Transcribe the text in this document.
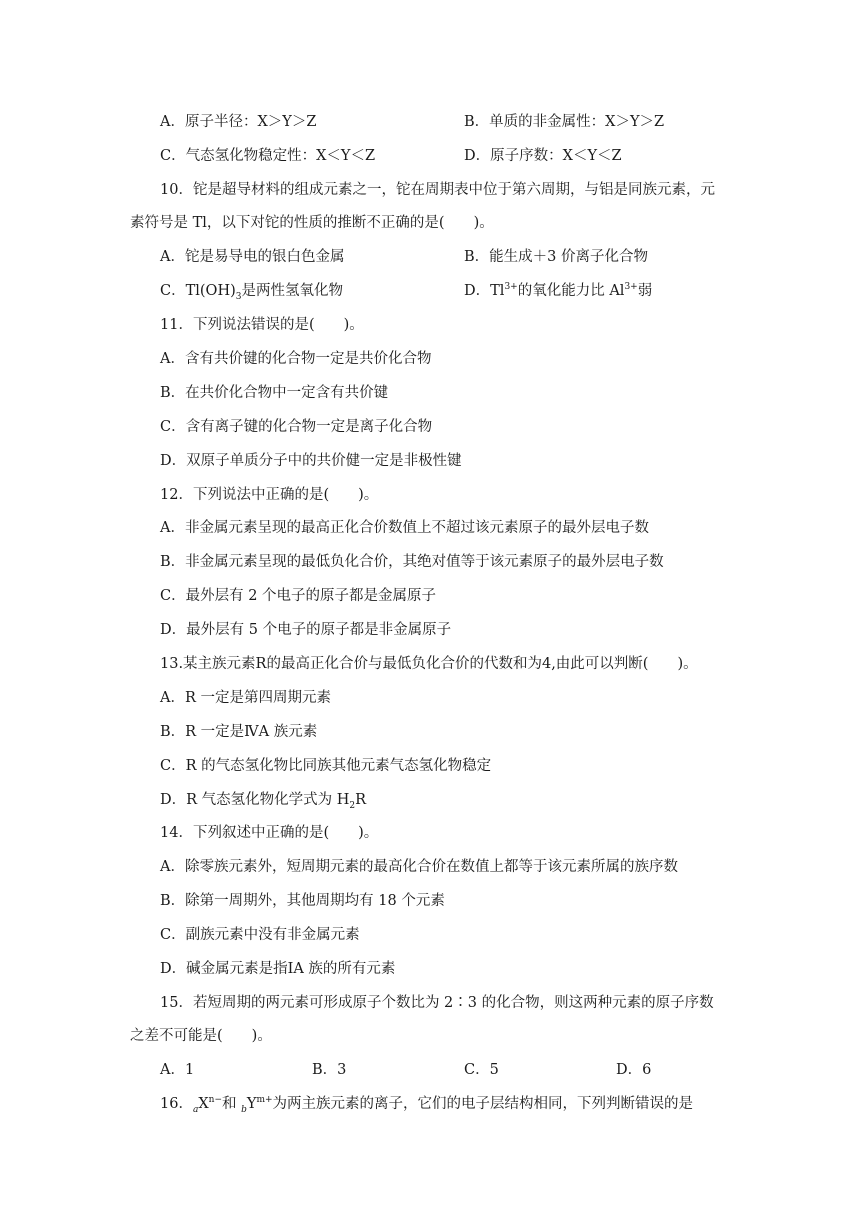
A．原子半径：X＞Y＞Z	B．单质的非金属性：X＞Y＞Z
C．气态氢化物稳定性：X＜Y＜Z	D．原子序数：X＜Y＜Z
10．铊是超导材料的组成元素之一，铊在周期表中位于第六周期，与铝是同族元素，元
素符号是 Tl，以下对铊的性质的推断不正确的是(　　)。
A．铊是易导电的银白色金属	B．能生成＋3 价离子化合物
C．$Tl(OH)_3$是两性氢氧化物	D．$Tl^{3+}$的氧化能力比 $Al^{3+}$弱
11．下列说法错误的是(　　)。
A．含有共价键的化合物一定是共价化合物
B．在共价化合物中一定含有共价键
C．含有离子键的化合物一定是离子化合物
D．双原子单质分子中的共价健一定是非极性键
12．下列说法中正确的是(　　)。
A．非金属元素呈现的最高正化合价数值上不超过该元素原子的最外层电子数
B．非金属元素呈现的最低负化合价，其绝对值等于该元素原子的最外层电子数
C．最外层有 2 个电子的原子都是金属原子
D．最外层有 5 个电子的原子都是非金属原子
13.某主族元素R的最高正化合价与最低负化合价的代数和为4,由此可以判断(　　)。
A．R 一定是第四周期元素
B．R 一定是ⅣA 族元素
C．R 的气态氢化物比同族其他元素气态氢化物稳定
D．R 气态氢化物化学式为 $H_2R$
14．下列叙述中正确的是(　　)。
A．除零族元素外，短周期元素的最高化合价在数值上都等于该元素所属的族序数
B．除第一周期外，其他周期均有 18 个元素
C．副族元素中没有非金属元素
D．碱金属元素是指ⅠA 族的所有元素
15．若短周期的两元素可形成原子个数比为 2∶3 的化合物，则这两种元素的原子序数
之差不可能是(　　)。
A．1	B．3	C．5	D．6
16．$_aX^{n-}$和 $_bY^{m+}$为两主族元素的离子，它们的电子层结构相同，下列判断错误的是
